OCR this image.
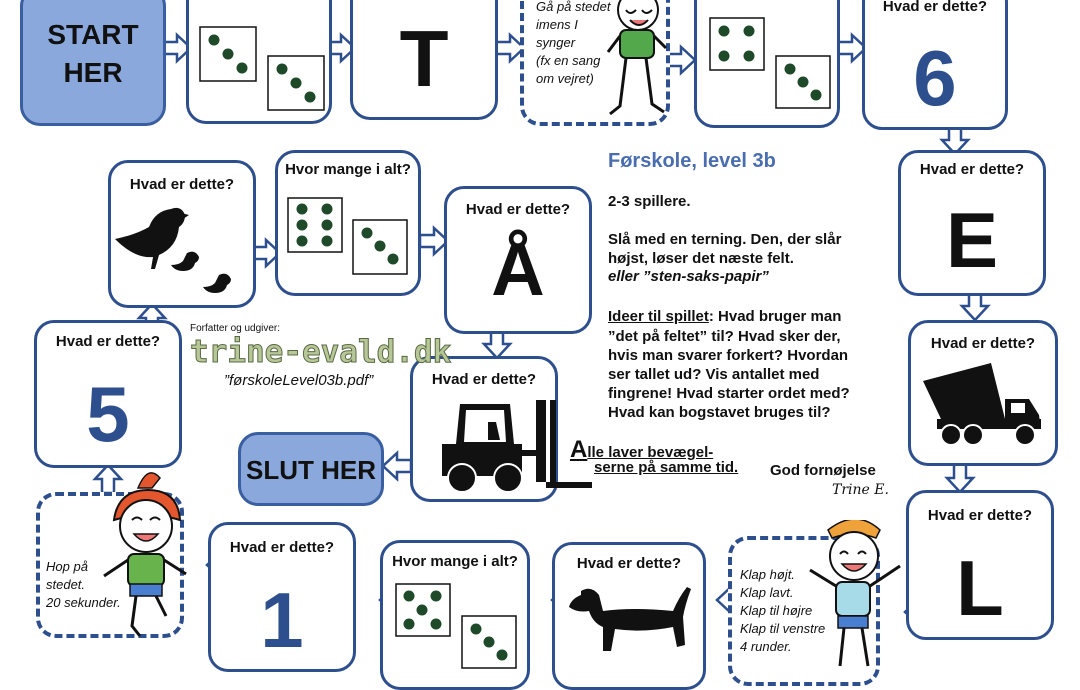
START
HER	T
Gå på stedet
imens I
synger
(fx en sang
om vejret)
Hvad er dette?
6
Hvad er dette?
E
Hvad er dette?
Hvad er dette?
L
Klap højt.
Klap lavt.
Klap til højre
Klap til venstre
4 runder.
Hvad er dette?
Hvor mange i alt?
Hvad er dette?
1
Hop på
stedet.
20 sekunder.
Hvad er dette?
5
Hvad er dette?
Hvor mange i alt?
Hvad er dette?
Å
Hvad er dette?
SLUT HER
Forfatter og udgiver:
trine-evald.dk
”førskoleLevel03b.pdf”
Førskole, level 3b
2-3 spillere.
Slå med en terning. Den, der slår
højst, løser det næste felt.
eller ”sten-saks-papir”
Ideer til spillet: Hvad bruger man
”det på feltet” til? Hvad sker der,
hvis man svarer forkert? Hvordan
ser tallet ud? Vis antallet med
fingrene! Hvad starter ordet med?
Hvad kan bogstavet bruges til?
Alle laver bevægel-
serne på samme tid. God fornøjelse
Trine E.
